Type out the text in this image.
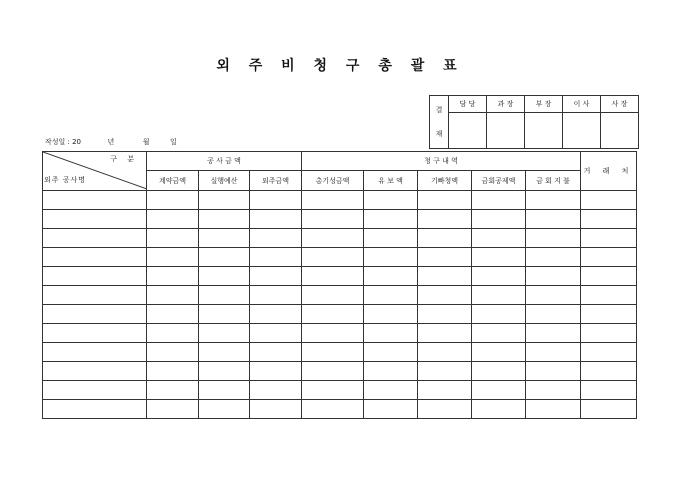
외 주 비 청 구 총 괄 표
결
재	담 당	과 장	부 장	이 사	사 장

작성일 : 20	년	월	일
구 분
외주 공사명	공 사 금 액			청 구 내 역					거 래 처
	계약금액	실행예산	외주금액	총기성금액	유 보 액	기빠청액	금회공제액	금 회 지 불	
